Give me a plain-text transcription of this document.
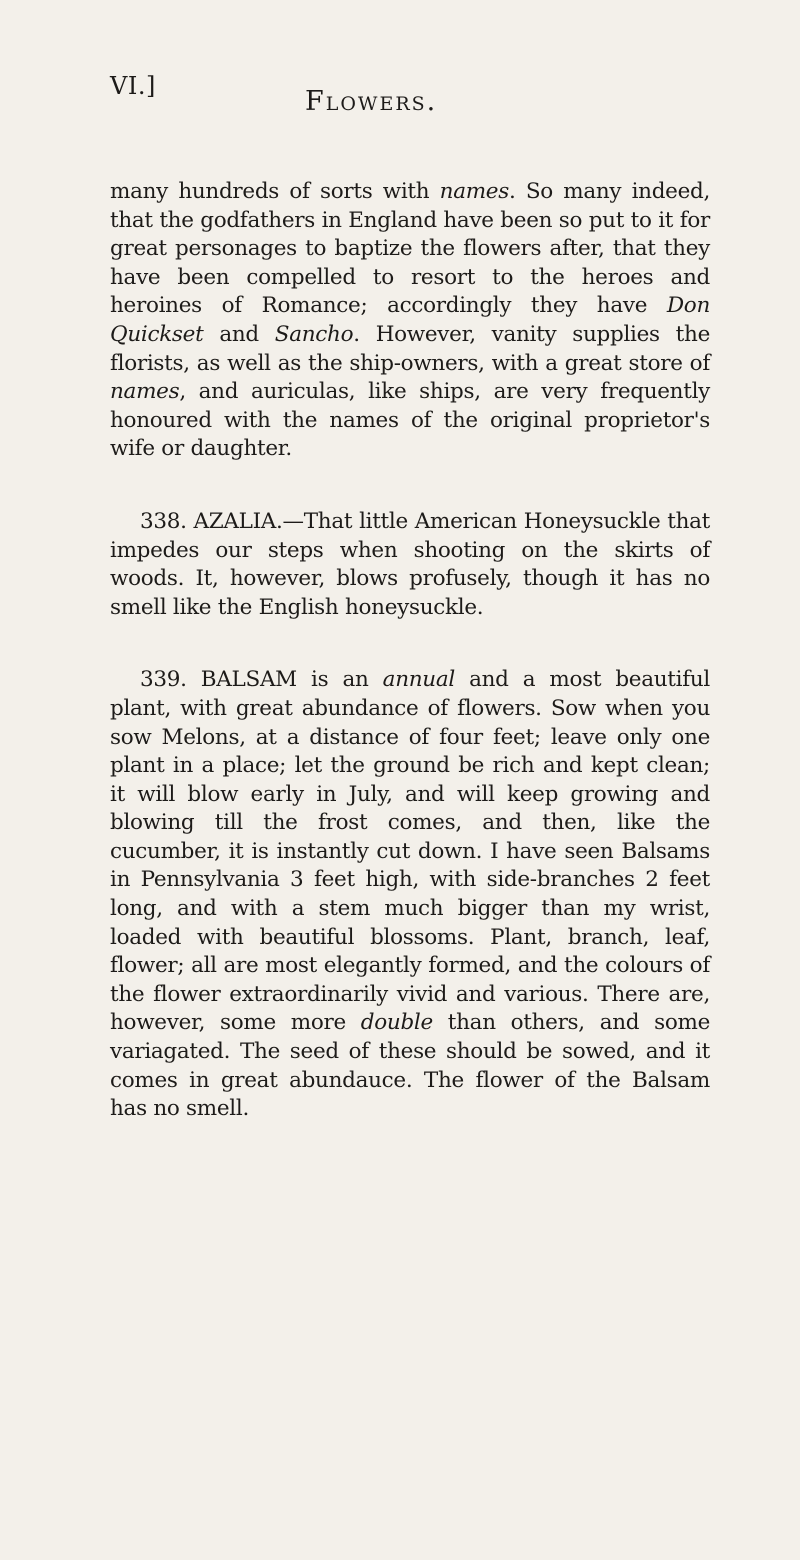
VI.]	Flowers.

many hundreds of sorts with names. So many indeed, that the godfathers in England have been so put to it for great personages to baptize the flowers after, that they have been compelled to resort to the heroes and heroines of Romance; accordingly they have Don Quickset and Sancho. However, vanity supplies the florists, as well as the ship-owners, with a great store of names, and auriculas, like ships, are very frequently honoured with the names of the original proprietor's wife or daughter.

338. AZALIA.—That little American Honeysuckle that impedes our steps when shooting on the skirts of woods. It, however, blows profusely, though it has no smell like the English honeysuckle.

339. BALSAM is an annual and a most beautiful plant, with great abundance of flowers. Sow when you sow Melons, at a distance of four feet; leave only one plant in a place; let the ground be rich and kept clean; it will blow early in July, and will keep growing and blowing till the frost comes, and then, like the cucumber, it is instantly cut down. I have seen Balsams in Pennsylvania 3 feet high, with side-branches 2 feet long, and with a stem much bigger than my wrist, loaded with beautiful blossoms. Plant, branch, leaf, flower; all are most elegantly formed, and the colours of the flower extraordinarily vivid and various. There are, however, some more double than others, and some variagated. The seed of these should be sowed, and it comes in great abundauce. The flower of the Balsam has no smell.
